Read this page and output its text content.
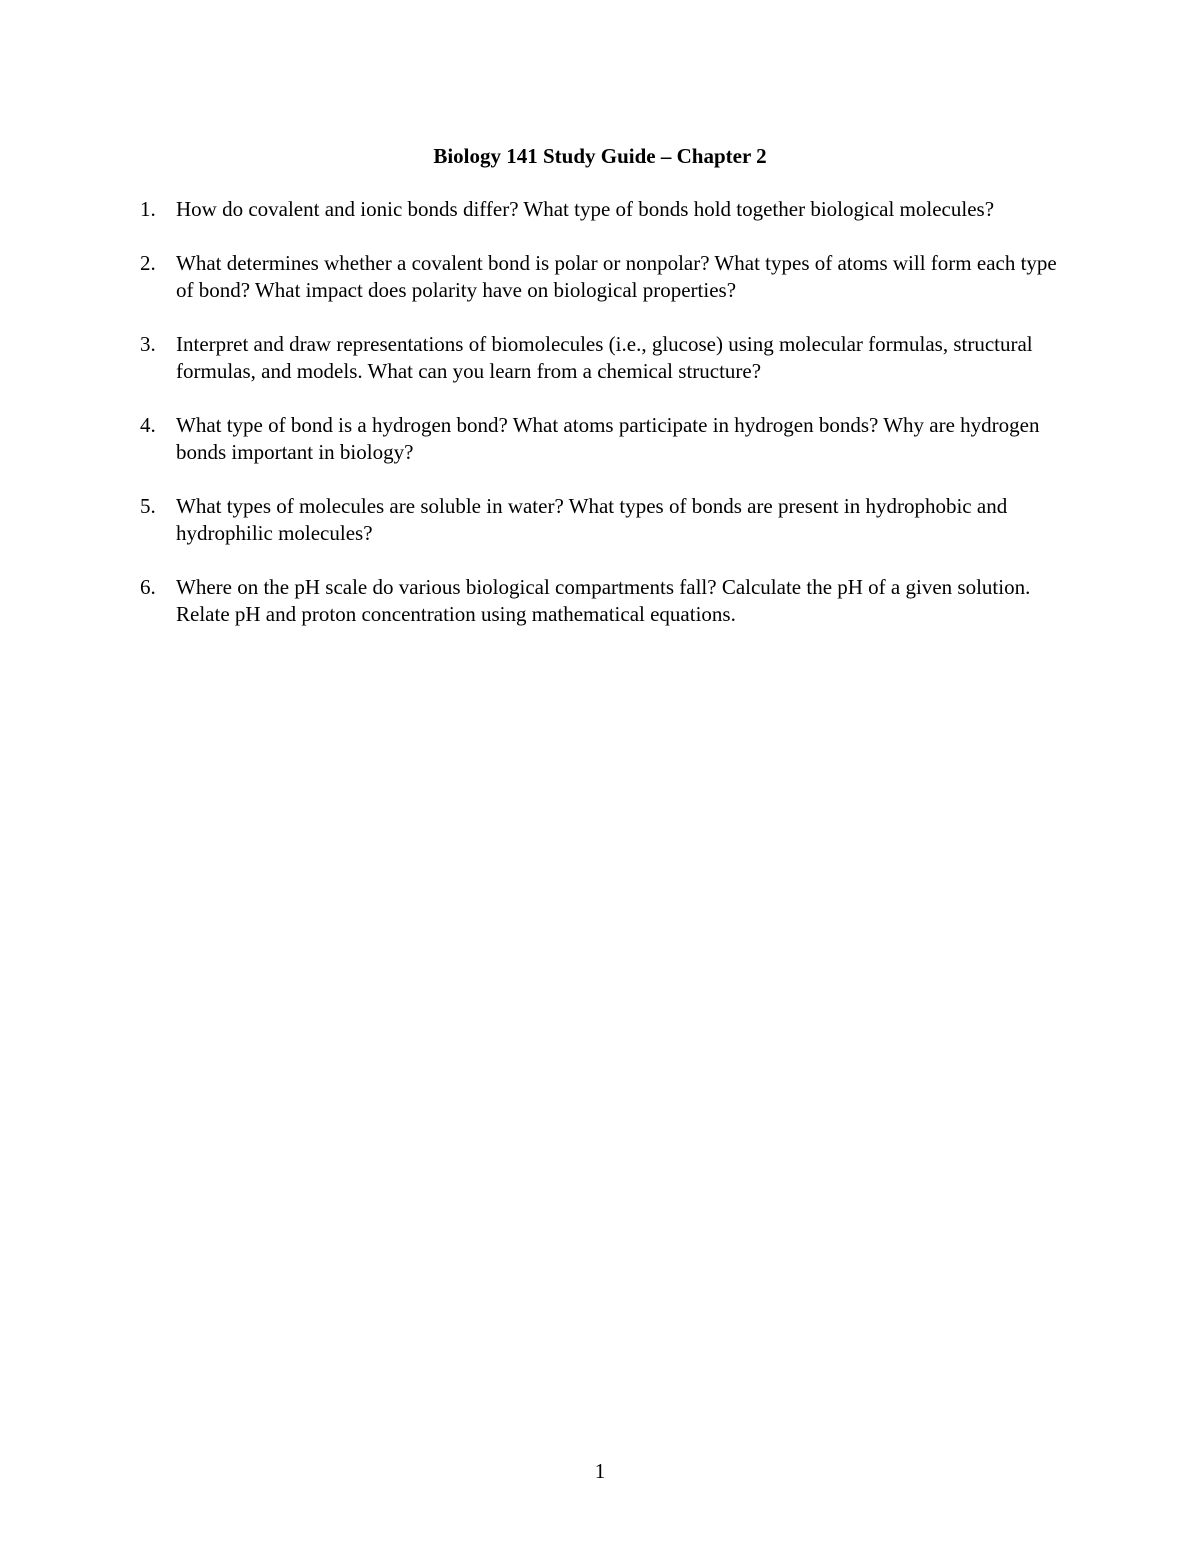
Biology 141 Study Guide – Chapter 2
1. How do covalent and ionic bonds differ? What type of bonds hold together biological molecules?
2. What determines whether a covalent bond is polar or nonpolar? What types of atoms will form each type of bond? What impact does polarity have on biological properties?
3. Interpret and draw representations of biomolecules (i.e., glucose) using molecular formulas, structural formulas, and models. What can you learn from a chemical structure?
4. What type of bond is a hydrogen bond? What atoms participate in hydrogen bonds? Why are hydrogen bonds important in biology?
5. What types of molecules are soluble in water? What types of bonds are present in hydrophobic and hydrophilic molecules?
6. Where on the pH scale do various biological compartments fall? Calculate the pH of a given solution. Relate pH and proton concentration using mathematical equations.
1
